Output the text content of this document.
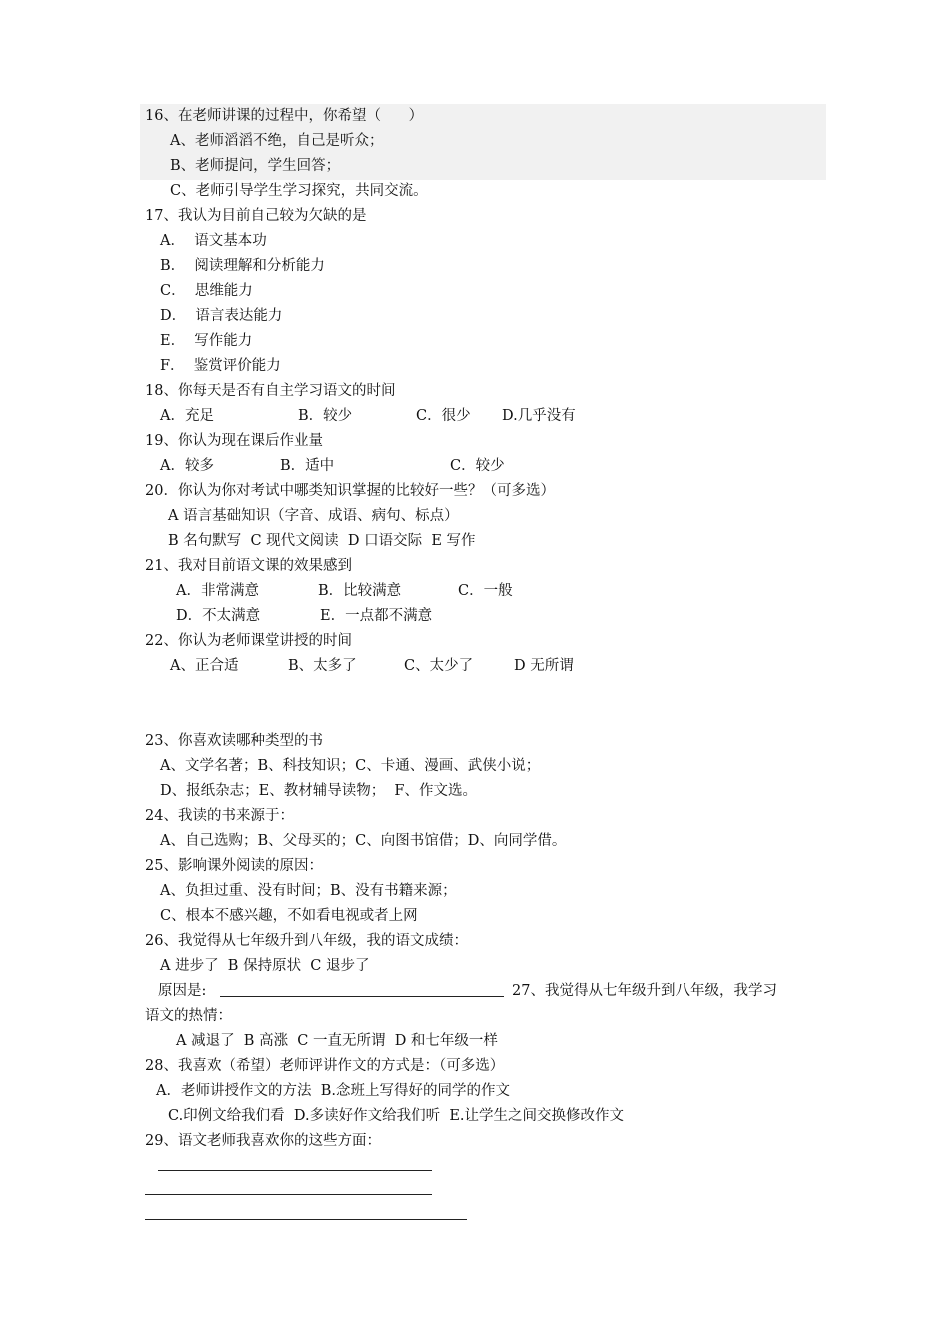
16、在老师讲课的过程中，你希望（      ）
A、老师滔滔不绝，自己是听众；
B、老师提问，学生回答；
C、老师引导学生学习探究，共同交流。
17、我认为目前自己较为欠缺的是
A．  语文基本功
B．  阅读理解和分析能力
C．  思维能力
D．  语言表达能力
E．  写作能力
F．  鉴赏评价能力
18、你每天是否有自主学习语文的时间
A．充足	B．较少	C．很少 D.几乎没有
19、你认为现在课后作业量
A．较多	B．适中	C．较少
20．你认为你对考试中哪类知识掌握的比较好一些？（可多选）
A 语言基础知识（字音、成语、病句、标点）
B 名句默写  C 现代文阅读  D 口语交际  E 写作
21、我对目前语文课的效果感到
A．非常满意	B．比较满意	C．一般
D．不太满意	E．一点都不满意
22、你认为老师课堂讲授的时间
A、正合适	B、太多了	C、太少了	D 无所谓
23、你喜欢读哪种类型的书
A、文学名著；B、科技知识；C、卡通、漫画、武侠小说；
D、报纸杂志；E、教材辅导读物；  F、作文选。
24、我读的书来源于：
A、自己选购；B、父母买的；C、向图书馆借；D、向同学借。
25、影响课外阅读的原因：
A、负担过重、没有时间；B、没有书籍来源；
C、根本不感兴趣，不如看电视或者上网
26、我觉得从七年级升到八年级，我的语文成绩：
A 进步了  B 保持原状  C 退步了
原因是:	27、我觉得从七年级升到八年级，我学习
语文的热情：
A 减退了  B 高涨  C 一直无所谓  D 和七年级一样
28、我喜欢（希望）老师评讲作文的方式是：（可多选）
A．老师讲授作文的方法  B.念班上写得好的同学的作文
C.印例文给我们看  D.多读好作文给我们听  E.让学生之间交换修改作文
29、语文老师我喜欢你的这些方面：
